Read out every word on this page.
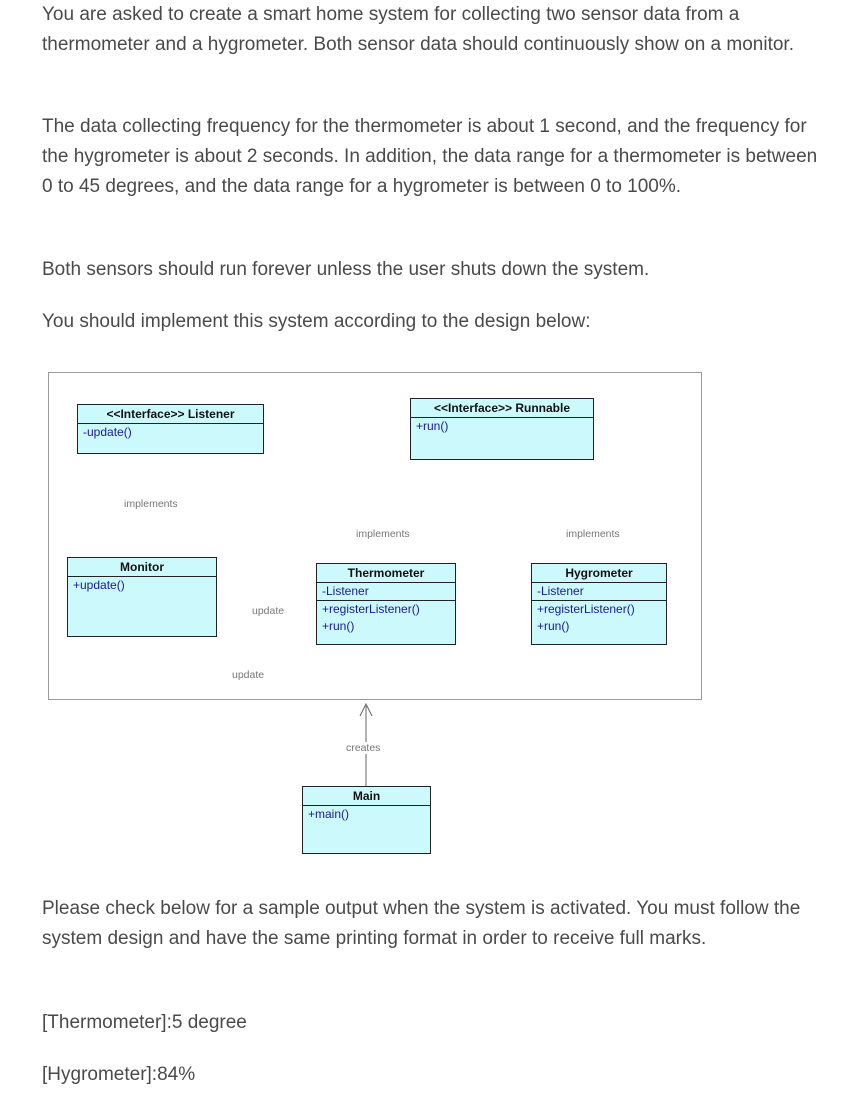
You are asked to create a smart home system for collecting two sensor data from a thermometer and a hygrometer. Both sensor data should continuously show on a monitor.

The data collecting frequency for the thermometer is about 1 second, and the frequency for the hygrometer is about 2 seconds. In addition, the data range for a thermometer is between 0 to 45 degrees, and the data range for a hygrometer is between 0 to 100%.

Both sensors should run forever unless the user shuts down the system.

You should implement this system according to the design below:

<<Interface>> Listener
-update()
<<Interface>> Runnable
+run()
Monitor
+update()
Thermometer
-Listener
+registerListener()
+run()
Hygrometer
-Listener
+registerListener()
+run()
Main
+main()
implements
implements	implements
update
update
creates

Please check below for a sample output when the system is activated. You must follow the system design and have the same printing format in order to receive full marks.

[Thermometer]:5 degree

[Hygrometer]:84%
